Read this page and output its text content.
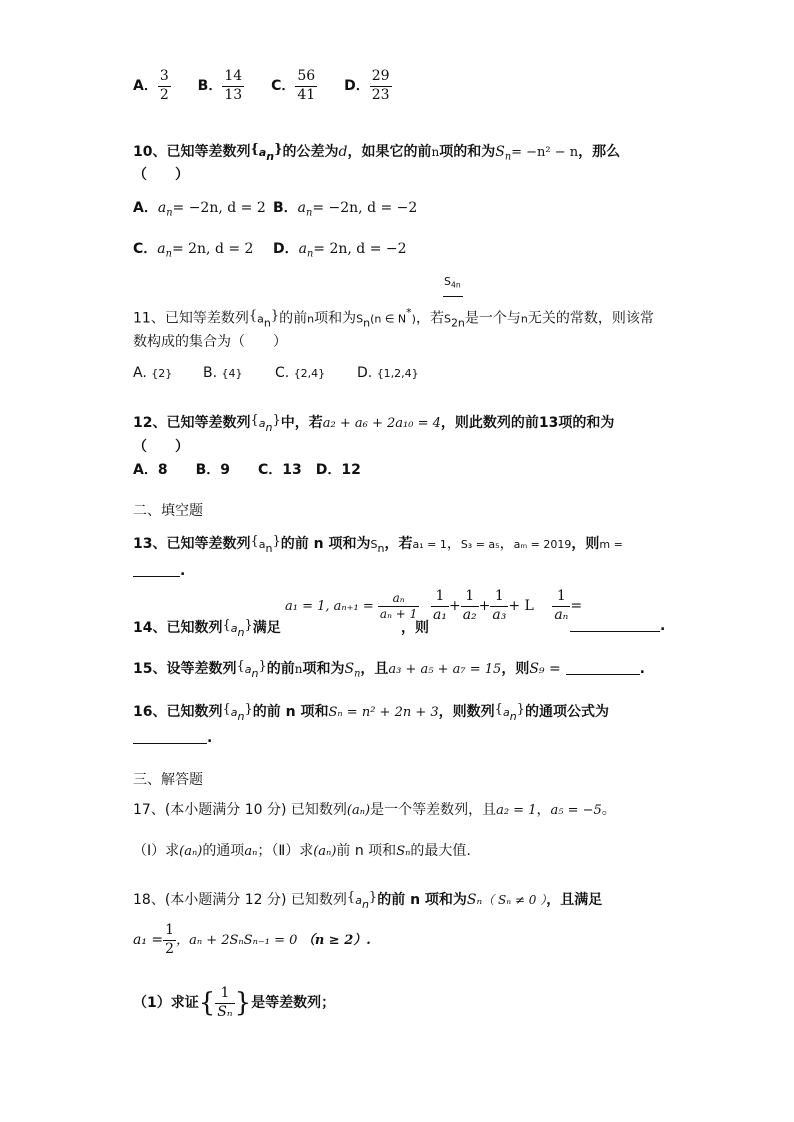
A． $\frac{3}{2}$ B． $\frac{14}{13}$ C． $\frac{56}{41}$ D． $\frac{29}{23}$
10、已知等差数列$\{a_n\}$的公差为d，如果它的前n项的和为$S_n= -n^2 - n$，那么
（　　）
A．$a_n= -2n$, d = 2 B．$a_n= -2n$, d = −2
C．$a_n= 2n$, d = 2 D．$a_n= 2n$, d = −2
$S_{4n}$
11、已知等差数列$\{a_n\}$的前n项和为$S_n(n$ ∈ N*)，若$S_{2n}$是一个与n无关的常数，则该常
数构成的集合为（　　）
A. {2} B. {4} C. {2,4} D. {1,2,4}
12、已知等差数列$\{a_n\}$中，若a₂ + a₆ + 2a₁₀ = 4，则此数列的前13项的和为
（　　）
A．8　　B．9　　C．13　D．12
二、填空题
13、已知等差数列$\{a_n\}$的前 n 项和为$S_n$，若a₁ = 1，S₃ = a₅，aₘ = 2019，则m =
.
a₁ = 1, $a_{n+1} = \frac{\text{aₙ}}{\text{aₙ + 1}}$
14、已知数列$\{a_n\}$满足	，则
$\frac{1}{\text{a₁}} + \frac{1}{\text{a₂}} + \frac{1}{\text{a₃}} + L \frac{1}{\text{aₙ}}$ =
.
15、设等差数列$\{a_n\}$的前n项和为$S_n$，且a₃ + a₅ + a₇ = 15，则S₉ =	.
16、已知数列$\{a_n\}$的前 n 项和Sₙ = n² + 2n + 3，则数列$\{a_n\}$的通项公式为
.
三、解答题
17、(本小题满分 10 分) 已知数列(aₙ)是一个等差数列，且a₂ = 1，a₅ = −5。
（Ⅰ）求(aₙ)的通项aₙ；（Ⅱ）求(aₙ)前 n 项和Sₙ的最大值.
18、(本小题满分 12 分) 已知数列$\{a_n\}$的前 n 项和为Sₙ（ Sₙ ≠ 0 ），且满足
$a_1 = \frac{1}{2}$ ，aₙ + 2SₙSₙ₋₁ = 0 （n ≥ 2）.
（1）求证{ $\frac{1}{\text{Sₙ}}$ }是等差数列；
